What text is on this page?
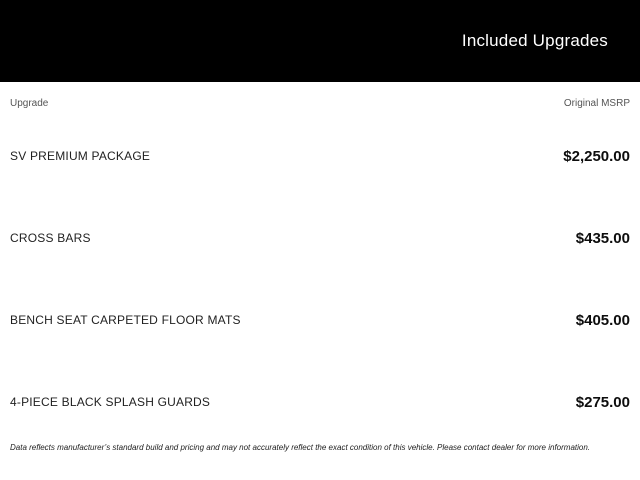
Included Upgrades
Upgrade	Original MSRP
SV PREMIUM PACKAGE	$2,250.00
CROSS BARS	$435.00
BENCH SEAT CARPETED FLOOR MATS	$405.00
4-PIECE BLACK SPLASH GUARDS	$275.00

Data reflects manufacturer’s standard build and pricing and may not accurately reflect the exact condition of this vehicle. Please contact dealer for more information.
